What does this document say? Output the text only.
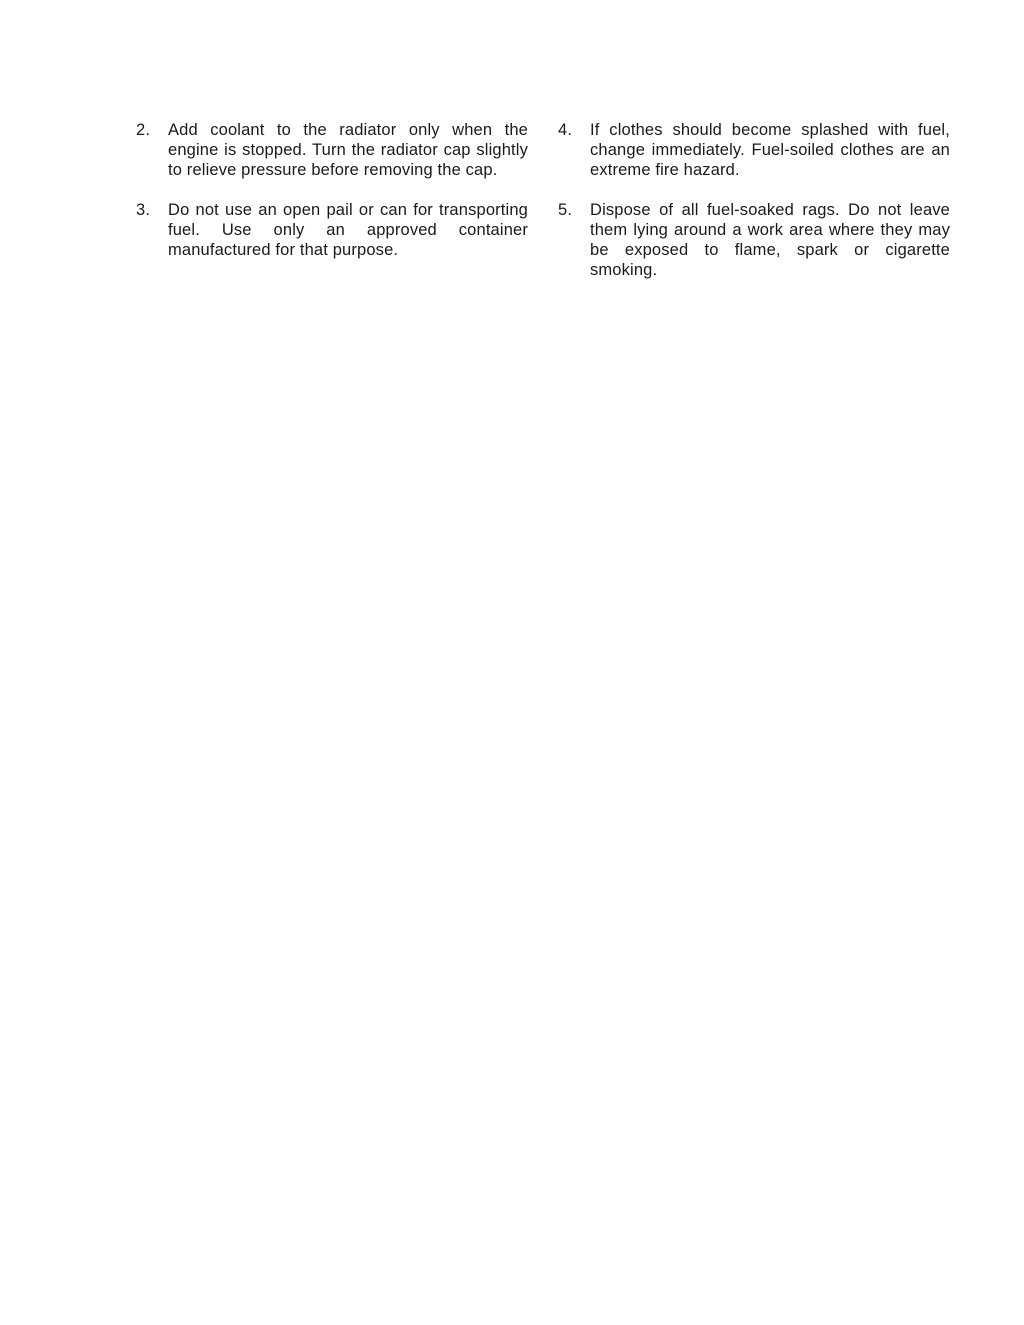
2.	Add coolant to the radiator only when the engine is stopped. Turn the radiator cap slightly to relieve pressure before removing the cap.
3.	Do not use an open pail or can for transporting fuel. Use only an approved container manufactured for that purpose.
4.	If clothes should become splashed with fuel, change immediately. Fuel-soiled clothes are an extreme fire hazard.
5.	Dispose of all fuel-soaked rags. Do not leave them lying around a work area where they may be exposed to flame, spark or cigarette smoking.
